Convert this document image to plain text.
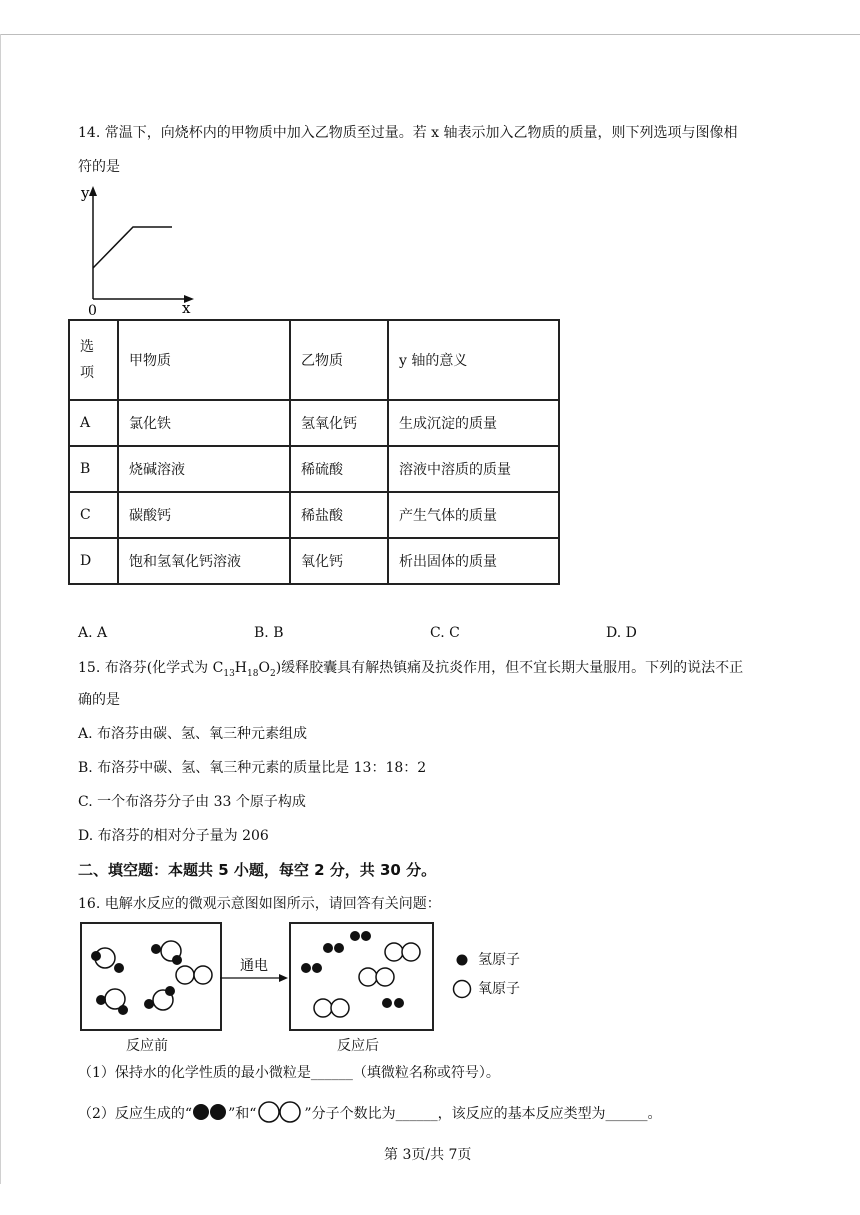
14. 常温下，向烧杯内的甲物质中加入乙物质至过量。若 x 轴表示加入乙物质的质量，则下列选项与图像相
符的是
y
x
0
选
项	甲物质	乙物质	y 轴的意义
A	氯化铁	氢氧化钙	生成沉淀的质量
B	烧碱溶液	稀硫酸	溶液中溶质的质量
C	碳酸钙	稀盐酸	产生气体的质量
D	饱和氢氧化钙溶液	氧化钙	析出固体的质量
A. A	B. B	C. C	D. D
15. 布洛芬(化学式为 $C_{13}H_{18}O_2$)缓释胶囊具有解热镇痛及抗炎作用，但不宜长期大量服用。下列的说法不正
确的是
A. 布洛芬由碳、氢、氧三种元素组成
B. 布洛芬中碳、氢、氧三种元素的质量比是 13：18：2
C. 一个布洛芬分子由 33 个原子构成
D. 布洛芬的相对分子量为 206
二、填空题：本题共 5 小题，每空 2 分，共 30 分。
16. 电解水反应的微观示意图如图所示，请回答有关问题：
通电	氢原子
氧原子
反应前	反应后
（1）保持水的化学性质的最小微粒是______（填微粒名称或符号）。
（2）反应生成的“	”和“	”分子个数比为______，该反应的基本反应类型为______。
第 3页/共 7页
